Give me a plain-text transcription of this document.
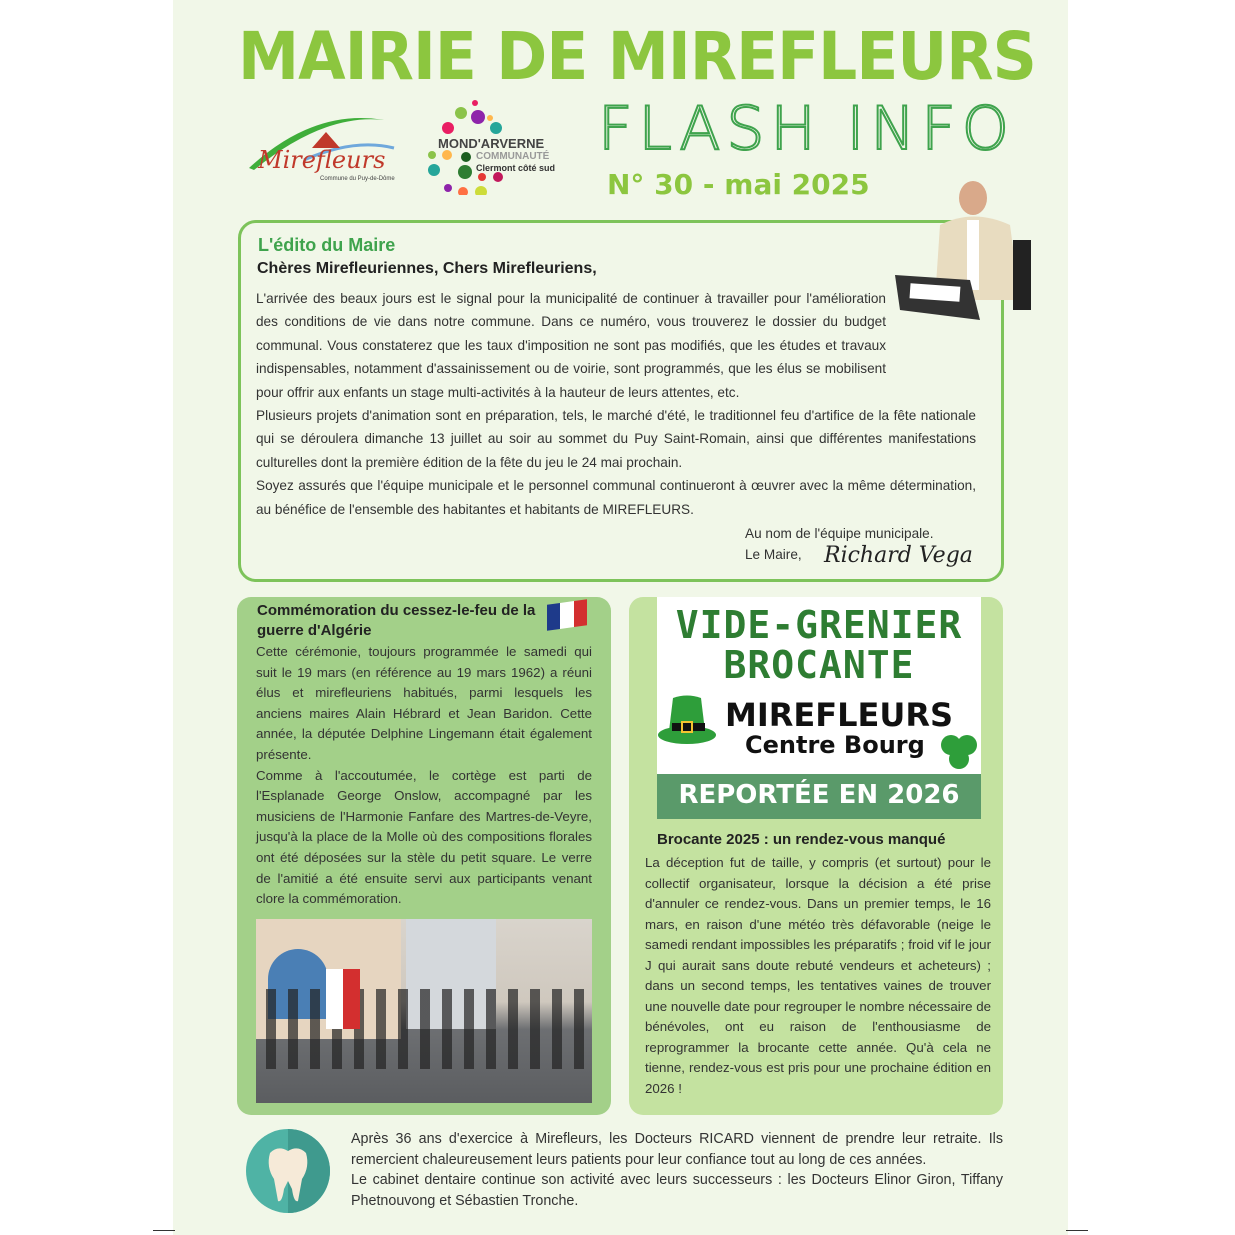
MAIRIE DE MIREFLEURS
FLASH INFO
N° 30 - mai 2025
Mirefleurs
Commune du Puy-de-Dôme
MOND'ARVERNE
COMMUNAUTÉ
Clermont côté sud
L'édito du Maire
Chères Mirefleuriennes, Chers Mirefleuriens,
L'arrivée des beaux jours est le signal pour la municipalité de continuer à travailler pour l'amélioration des conditions de vie dans notre commune. Dans ce numéro, vous trouverez le dossier du budget communal. Vous constaterez que les taux d'imposition ne sont pas modifiés, que les études et travaux indispensables, notamment d'assainissement ou de voirie, sont programmés, que les élus se mobilisent pour offrir aux enfants un stage multi-activités à la hauteur de leurs attentes, etc.
Plusieurs projets d'animation sont en préparation, tels, le marché d'été, le traditionnel feu d'artifice de la fête nationale qui se déroulera dimanche 13 juillet au soir au sommet du Puy Saint-Romain, ainsi que différentes manifestations culturelles dont la première édition de la fête du jeu le 24 mai prochain.
Soyez assurés que l'équipe municipale et le personnel communal continueront à œuvrer avec la même détermination, au bénéfice de l'ensemble des habitantes et habitants de MIREFLEURS.
Au nom de l'équipe municipale.
Le Maire, Richard Vega
Commémoration du cessez-le-feu de la guerre d'Algérie
Cette cérémonie, toujours programmée le samedi qui suit le 19 mars (en référence au 19 mars 1962) a réuni élus et mirefleuriens habitués, parmi lesquels les anciens maires Alain Hébrard et Jean Baridon. Cette année, la députée Delphine Lingemann était également présente.
Comme à l'accoutumée, le cortège est parti de l'Esplanade George Onslow, accompagné par les musiciens de l'Harmonie Fanfare des Martres-de-Veyre, jusqu'à la place de la Molle où des compositions florales ont été déposées sur la stèle du petit square. Le verre de l'amitié a été ensuite servi aux participants venant clore la commémoration.
VIDE-GRENIER
BROCANTE
MIREFLEURS
Centre Bourg
REPORTÉE EN 2026
Brocante 2025 : un rendez-vous manqué
La déception fut de taille, y compris (et surtout) pour le collectif organisateur, lorsque la décision a été prise d'annuler ce rendez-vous. Dans un premier temps, le 16 mars, en raison d'une météo très défavorable (neige le samedi rendant impossibles les préparatifs ; froid vif le jour J qui aurait sans doute rebuté vendeurs et acheteurs) ; dans un second temps, les tentatives vaines de trouver une nouvelle date pour regrouper le nombre nécessaire de bénévoles, ont eu raison de l'enthousiasme de reprogrammer la brocante cette année. Qu'à cela ne tienne, rendez-vous est pris pour une prochaine édition en 2026 !
Après 36 ans d'exercice à Mirefleurs, les Docteurs RICARD viennent de prendre leur retraite. Ils remercient chaleureusement leurs patients pour leur confiance tout au long de ces années.
Le cabinet dentaire continue son activité avec leurs successeurs : les Docteurs Elinor Giron, Tiffany Phetnouvong et Sébastien Tronche.
